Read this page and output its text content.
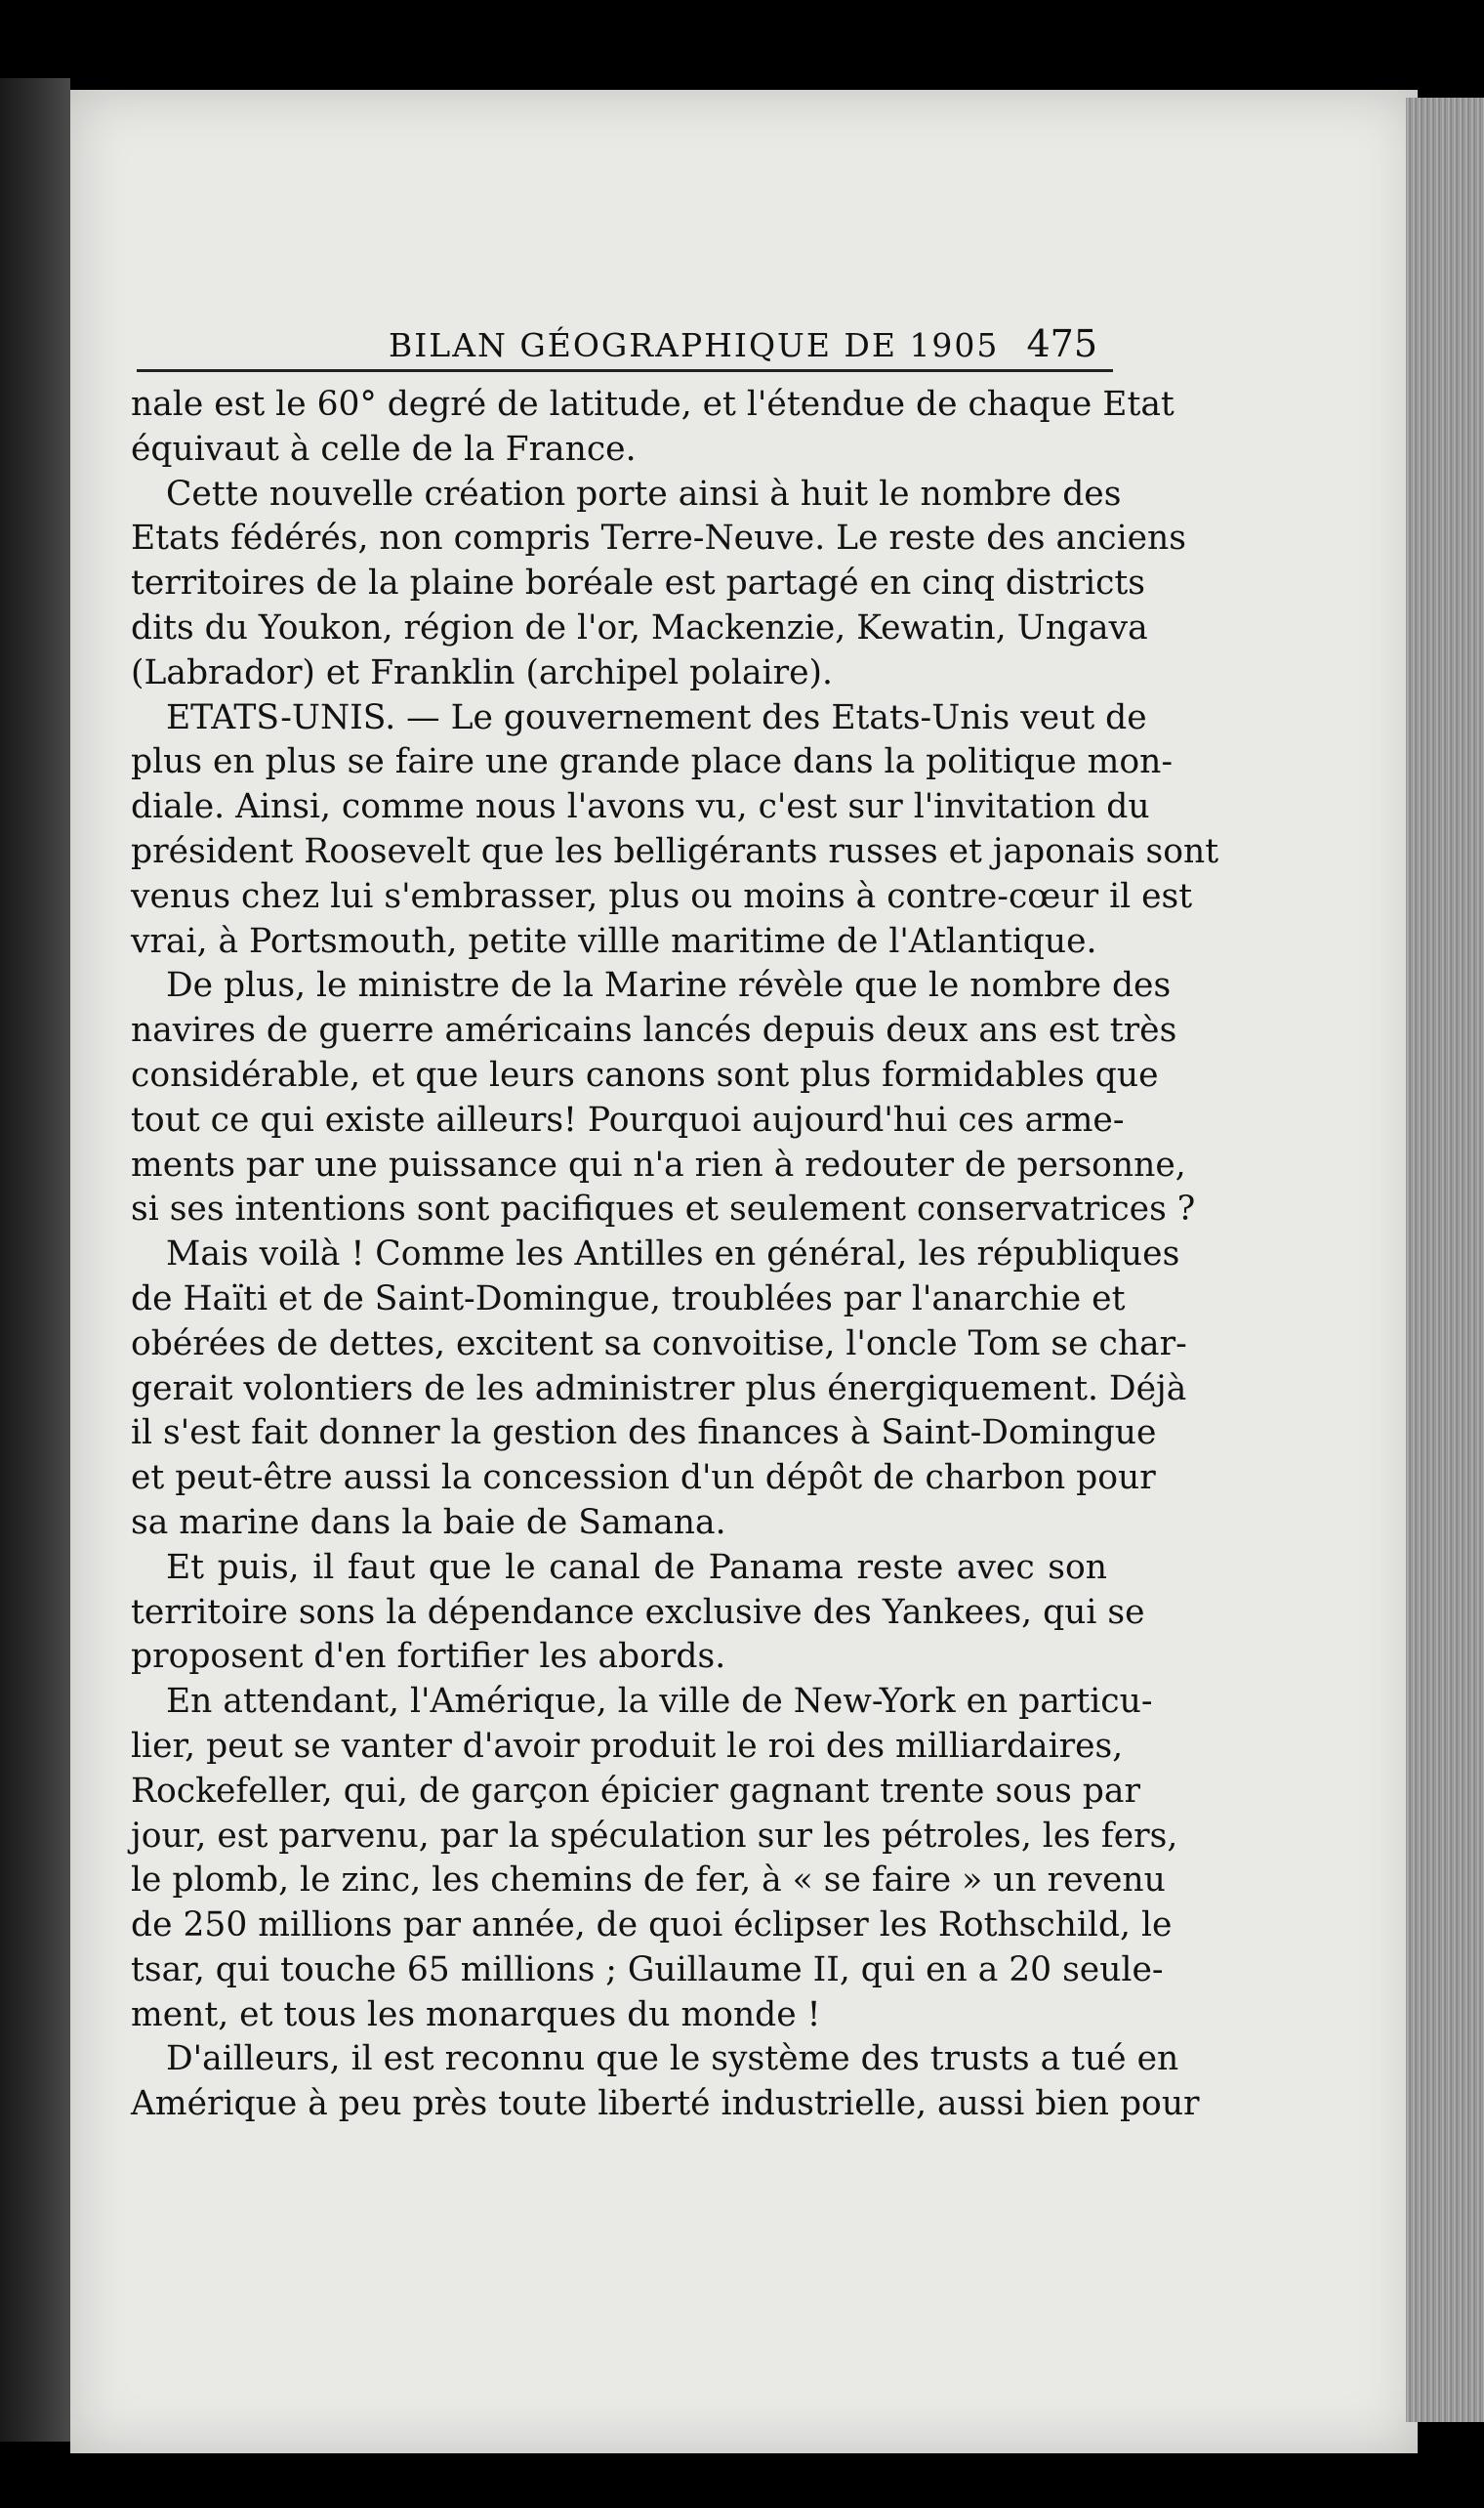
BILAN GÉOGRAPHIQUE DE 1905 475
nale est le 60° degré de latitude, et l'étendue de chaque Etat
équivaut à celle de la France.
Cette nouvelle création porte ainsi à huit le nombre des
Etats fédérés, non compris Terre-Neuve. Le reste des anciens
territoires de la plaine boréale est partagé en cinq districts
dits du Youkon, région de l'or, Mackenzie, Kewatin, Ungava
(Labrador) et Franklin (archipel polaire).
ETATS-UNIS. — Le gouvernement des Etats-Unis veut de
plus en plus se faire une grande place dans la politique mon-
diale. Ainsi, comme nous l'avons vu, c'est sur l'invitation du
président Roosevelt que les belligérants russes et japonais sont
venus chez lui s'embrasser, plus ou moins à contre-cœur il est
vrai, à Portsmouth, petite villle maritime de l'Atlantique.
De plus, le ministre de la Marine révèle que le nombre des
navires de guerre américains lancés depuis deux ans est très
considérable, et que leurs canons sont plus formidables que
tout ce qui existe ailleurs! Pourquoi aujourd'hui ces arme-
ments par une puissance qui n'a rien à redouter de personne,
si ses intentions sont pacifiques et seulement conservatrices ?
Mais voilà ! Comme les Antilles en général, les républiques
de Haïti et de Saint-Domingue, troublées par l'anarchie et
obérées de dettes, excitent sa convoitise, l'oncle Tom se char-
gerait volontiers de les administrer plus énergiquement. Déjà
il s'est fait donner la gestion des finances à Saint-Domingue
et peut-être aussi la concession d'un dépôt de charbon pour
sa marine dans la baie de Samana.
Et puis, il faut que le canal de Panama reste avec son
territoire sons la dépendance exclusive des Yankees, qui se
proposent d'en fortifier les abords.
En attendant, l'Amérique, la ville de New-York en particu-
lier, peut se vanter d'avoir produit le roi des milliardaires,
Rockefeller, qui, de garçon épicier gagnant trente sous par
jour, est parvenu, par la spéculation sur les pétroles, les fers,
le plomb, le zinc, les chemins de fer, à « se faire » un revenu
de 250 millions par année, de quoi éclipser les Rothschild, le
tsar, qui touche 65 millions ; Guillaume II, qui en a 20 seule-
ment, et tous les monarques du monde !
D'ailleurs, il est reconnu que le système des trusts a tué en
Amérique à peu près toute liberté industrielle, aussi bien pour
